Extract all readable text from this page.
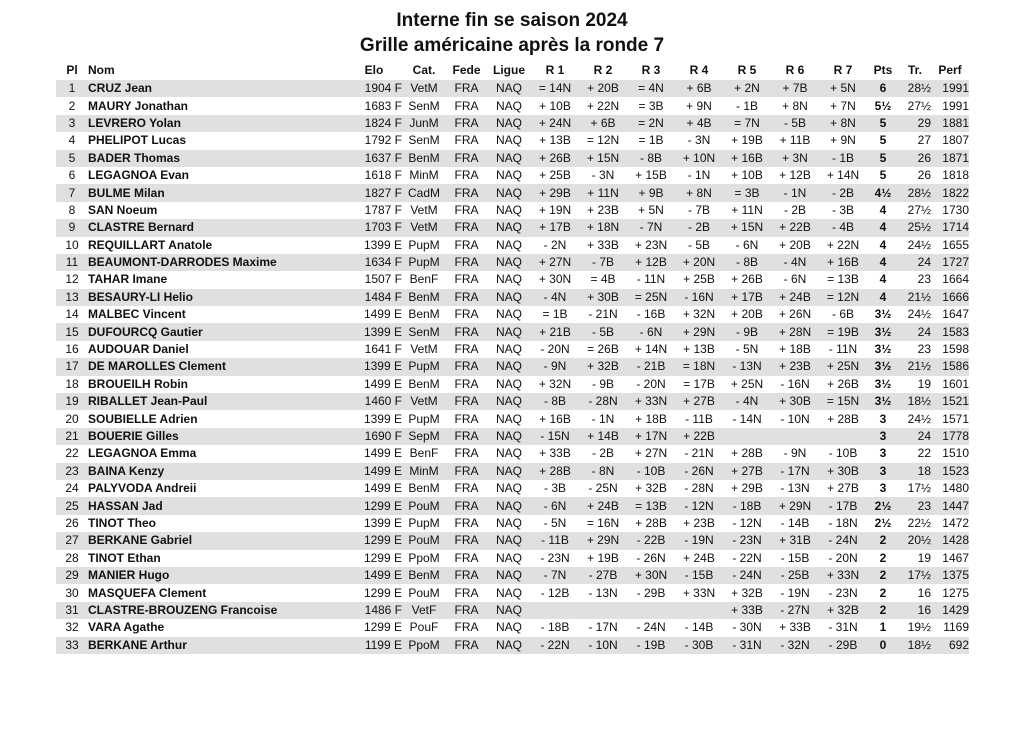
Interne fin se saison 2024
Grille américaine après la ronde 7
Pl	Nom	Elo	Cat.	Fede	Ligue	R 1	R 2	R 3	R 4	R 5	R 6	R 7	Pts	Tr.	Perf
1	CRUZ Jean	1904 F	VetM	FRA	NAQ	= 14N	+ 20B	= 4N	+ 6B	+ 2N	+ 7B	+ 5N	6	28½	1991
2	MAURY Jonathan	1683 F	SenM	FRA	NAQ	+ 10B	+ 22N	= 3B	+ 9N	- 1B	+ 8N	+ 7N	5½	27½	1991
3	LEVRERO Yolan	1824 F	JunM	FRA	NAQ	+ 24N	+ 6B	= 2N	+ 4B	= 7N	- 5B	+ 8N	5	29	1881
4	PHELIPOT Lucas	1792 F	SenM	FRA	NAQ	+ 13B	= 12N	= 1B	- 3N	+ 19B	+ 11B	+ 9N	5	27	1807
5	BADER Thomas	1637 F	BenM	FRA	NAQ	+ 26B	+ 15N	- 8B	+ 10N	+ 16B	+ 3N	- 1B	5	26	1871
6	LEGAGNOA Evan	1618 F	MinM	FRA	NAQ	+ 25B	- 3N	+ 15B	- 1N	+ 10B	+ 12B	+ 14N	5	26	1818
7	BULME Milan	1827 F	CadM	FRA	NAQ	+ 29B	+ 11N	+ 9B	+ 8N	= 3B	- 1N	- 2B	4½	28½	1822
8	SAN Noeum	1787 F	VetM	FRA	NAQ	+ 19N	+ 23B	+ 5N	- 7B	+ 11N	- 2B	- 3B	4	27½	1730
9	CLASTRE Bernard	1703 F	VetM	FRA	NAQ	+ 17B	+ 18N	- 7N	- 2B	+ 15N	+ 22B	- 4B	4	25½	1714
10	REQUILLART Anatole	1399 E	PupM	FRA	NAQ	- 2N	+ 33B	+ 23N	- 5B	- 6N	+ 20B	+ 22N	4	24½	1655
11	BEAUMONT-DARRODES Maxime	1634 F	PupM	FRA	NAQ	+ 27N	- 7B	+ 12B	+ 20N	- 8B	- 4N	+ 16B	4	24	1727
12	TAHAR Imane	1507 F	BenF	FRA	NAQ	+ 30N	= 4B	- 11N	+ 25B	+ 26B	- 6N	= 13B	4	23	1664
13	BESAURY-LI Helio	1484 F	BenM	FRA	NAQ	- 4N	+ 30B	= 25N	- 16N	+ 17B	+ 24B	= 12N	4	21½	1666
14	MALBEC Vincent	1499 E	BenM	FRA	NAQ	= 1B	- 21N	- 16B	+ 32N	+ 20B	+ 26N	- 6B	3½	24½	1647
15	DUFOURCQ Gautier	1399 E	SenM	FRA	NAQ	+ 21B	- 5B	- 6N	+ 29N	- 9B	+ 28N	= 19B	3½	24	1583
16	AUDOUAR Daniel	1641 F	VetM	FRA	NAQ	- 20N	= 26B	+ 14N	+ 13B	- 5N	+ 18B	- 11N	3½	23	1598
17	DE MAROLLES Clement	1399 E	PupM	FRA	NAQ	- 9N	+ 32B	- 21B	= 18N	- 13N	+ 23B	+ 25N	3½	21½	1586
18	BROUEILH Robin	1499 E	BenM	FRA	NAQ	+ 32N	- 9B	- 20N	= 17B	+ 25N	- 16N	+ 26B	3½	19	1601
19	RIBALLET Jean-Paul	1460 F	VetM	FRA	NAQ	- 8B	- 28N	+ 33N	+ 27B	- 4N	+ 30B	= 15N	3½	18½	1521
20	SOUBIELLE Adrien	1399 E	PupM	FRA	NAQ	+ 16B	- 1N	+ 18B	- 11B	- 14N	- 10N	+ 28B	3	24½	1571
21	BOUERIE Gilles	1690 F	SepM	FRA	NAQ	- 15N	+ 14B	+ 17N	+ 22B				3	24	1778
22	LEGAGNOA Emma	1499 E	BenF	FRA	NAQ	+ 33B	- 2B	+ 27N	- 21N	+ 28B	- 9N	- 10B	3	22	1510
23	BAINA Kenzy	1499 E	MinM	FRA	NAQ	+ 28B	- 8N	- 10B	- 26N	+ 27B	- 17N	+ 30B	3	18	1523
24	PALYVODA Andreii	1499 E	BenM	FRA	NAQ	- 3B	- 25N	+ 32B	- 28N	+ 29B	- 13N	+ 27B	3	17½	1480
25	HASSAN Jad	1299 E	PouM	FRA	NAQ	- 6N	+ 24B	= 13B	- 12N	- 18B	+ 29N	- 17B	2½	23	1447
26	TINOT Theo	1399 E	PupM	FRA	NAQ	- 5N	= 16N	+ 28B	+ 23B	- 12N	- 14B	- 18N	2½	22½	1472
27	BERKANE Gabriel	1299 E	PouM	FRA	NAQ	- 11B	+ 29N	- 22B	- 19N	- 23N	+ 31B	- 24N	2	20½	1428
28	TINOT Ethan	1299 E	PpoM	FRA	NAQ	- 23N	+ 19B	- 26N	+ 24B	- 22N	- 15B	- 20N	2	19	1467
29	MANIER Hugo	1499 E	BenM	FRA	NAQ	- 7N	- 27B	+ 30N	- 15B	- 24N	- 25B	+ 33N	2	17½	1375
30	MASQUEFA Clement	1299 E	PouM	FRA	NAQ	- 12B	- 13N	- 29B	+ 33N	+ 32B	- 19N	- 23N	2	16	1275
31	CLASTRE-BROUZENG Francoise	1486 F	VetF	FRA	NAQ					+ 33B	- 27N	+ 32B	2	16	1429
32	VARA Agathe	1299 E	PouF	FRA	NAQ	- 18B	- 17N	- 24N	- 14B	- 30N	+ 33B	- 31N	1	19½	1169
33	BERKANE Arthur	1199 E	PpoM	FRA	NAQ	- 22N	- 10N	- 19B	- 30B	- 31N	- 32N	- 29B	0	18½	692
